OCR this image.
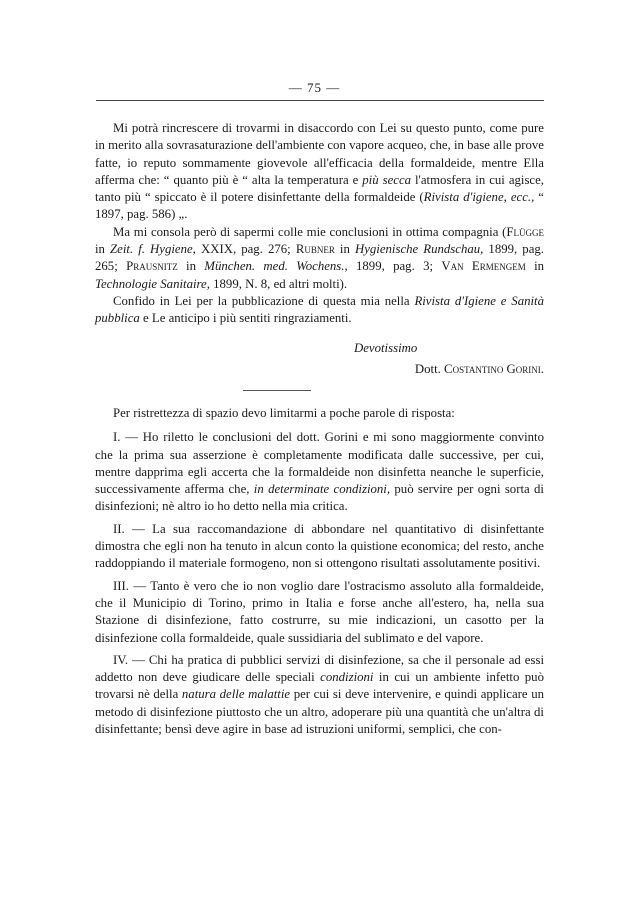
— 75 —

Mi potrà rincrescere di trovarmi in disaccordo con Lei su questo punto, come pure in merito alla sovrasaturazione dell'ambiente con vapore acqueo, che, in base alle prove fatte, io reputo sommamente giovevole all'efficacia della formaldeide, mentre Ella afferma che: “ quanto più è “ alta la temperatura e più secca l'atmosfera in cui agisce, tanto più “ spiccato è il potere disinfettante della formaldeide (Rivista d'igiene, ecc., “ 1897, pag. 586) „.

Ma mi consola però di sapermi colle mie conclusioni in ottima compagnia (Flügge in Zeit. f. Hygiene, XXIX, pag. 276; Rubner in Hygienische Rundschau, 1899, pag. 265; Prausnitz in München. med. Wochens., 1899, pag. 3; Van Ermengem in Technologie Sanitaire, 1899, N. 8, ed altri molti).

Confido in Lei per la pubblicazione di questa mia nella Rivista d'Igiene e Sanità pubblica e Le anticipo i più sentiti ringraziamenti.

Devotissimo
Dott. Costantino Gorini.

Per ristrettezza di spazio devo limitarmi a poche parole di risposta:

I. — Ho riletto le conclusioni del dott. Gorini e mi sono maggiormente convinto che la prima sua asserzione è completamente modificata dalle successive, per cui, mentre dapprima egli accerta che la formaldeide non disinfetta neanche le superficie, successivamente afferma che, in determinate condizioni, può servire per ogni sorta di disinfezioni; nè altro io ho detto nella mia critica.

II. — La sua raccomandazione di abbondare nel quantitativo di disinfettante dimostra che egli non ha tenuto in alcun conto la quistione economica; del resto, anche raddoppiando il materiale formogeno, non si ottengono risultati assolutamente positivi.

III. — Tanto è vero che io non voglio dare l'ostracismo assoluto alla formaldeide, che il Municipio di Torino, primo in Italia e forse anche all'estero, ha, nella sua Stazione di disinfezione, fatto costrurre, su mie indicazioni, un casotto per la disinfezione colla formaldeide, quale sussidiaria del sublimato e del vapore.

IV. — Chi ha pratica di pubblici servizi di disinfezione, sa che il personale ad essi addetto non deve giudicare delle speciali condizioni in cui un ambiente infetto può trovarsi nè della natura delle malattie per cui si deve intervenire, e quindi applicare un metodo di disinfezione piuttosto che un altro, adoperare più una quantità che un'altra di disinfettante; bensì deve agire in base ad istruzioni uniformi, semplici, che con-
